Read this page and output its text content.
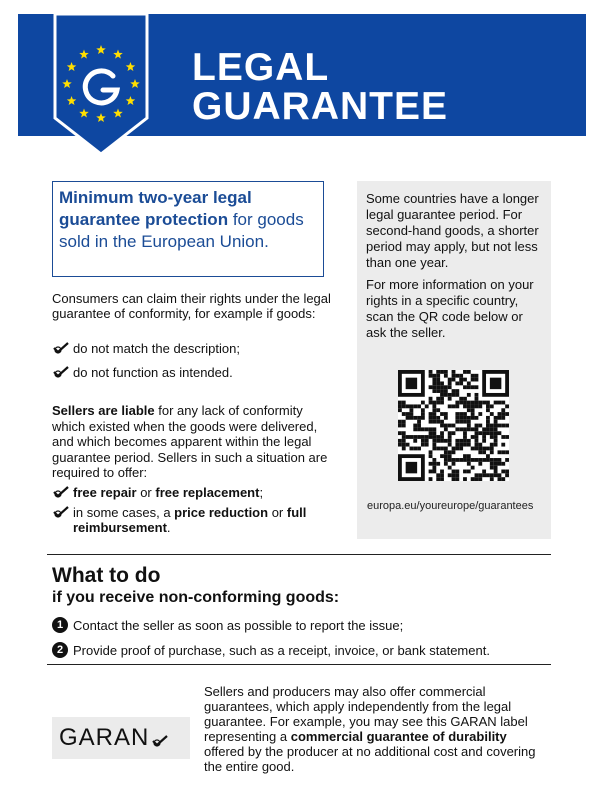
LEGAL
GUARANTEE
Minimum two-year legal guarantee protection for goods sold in the European Union.
Consumers can claim their rights under the legal guarantee of conformity, for example if goods:
do not match the description;
do not function as intended.
Sellers are liable for any lack of conformity which existed when the goods were delivered, and which becomes apparent within the legal guarantee period. Sellers in such a situation are required to offer:
free repair or free replacement;
in some cases, a price reduction or full reimbursement.

Some countries have a longer legal guarantee period. For second-hand goods, a shorter period may apply, but not less than one year.

For more information on your rights in a specific country, scan the QR code below or ask the seller.

europa.eu/youreurope/guarantees
What to do
if you receive non-conforming goods:
1 Contact the seller as soon as possible to report the issue;
2 Provide proof of purchase, such as a receipt, invoice, or bank statement.
GARAN
Sellers and producers may also offer commercial guarantees, which apply independently from the legal guarantee. For example, you may see this GARAN label representing a commercial guarantee of durability offered by the producer at no additional cost and covering the entire good.
